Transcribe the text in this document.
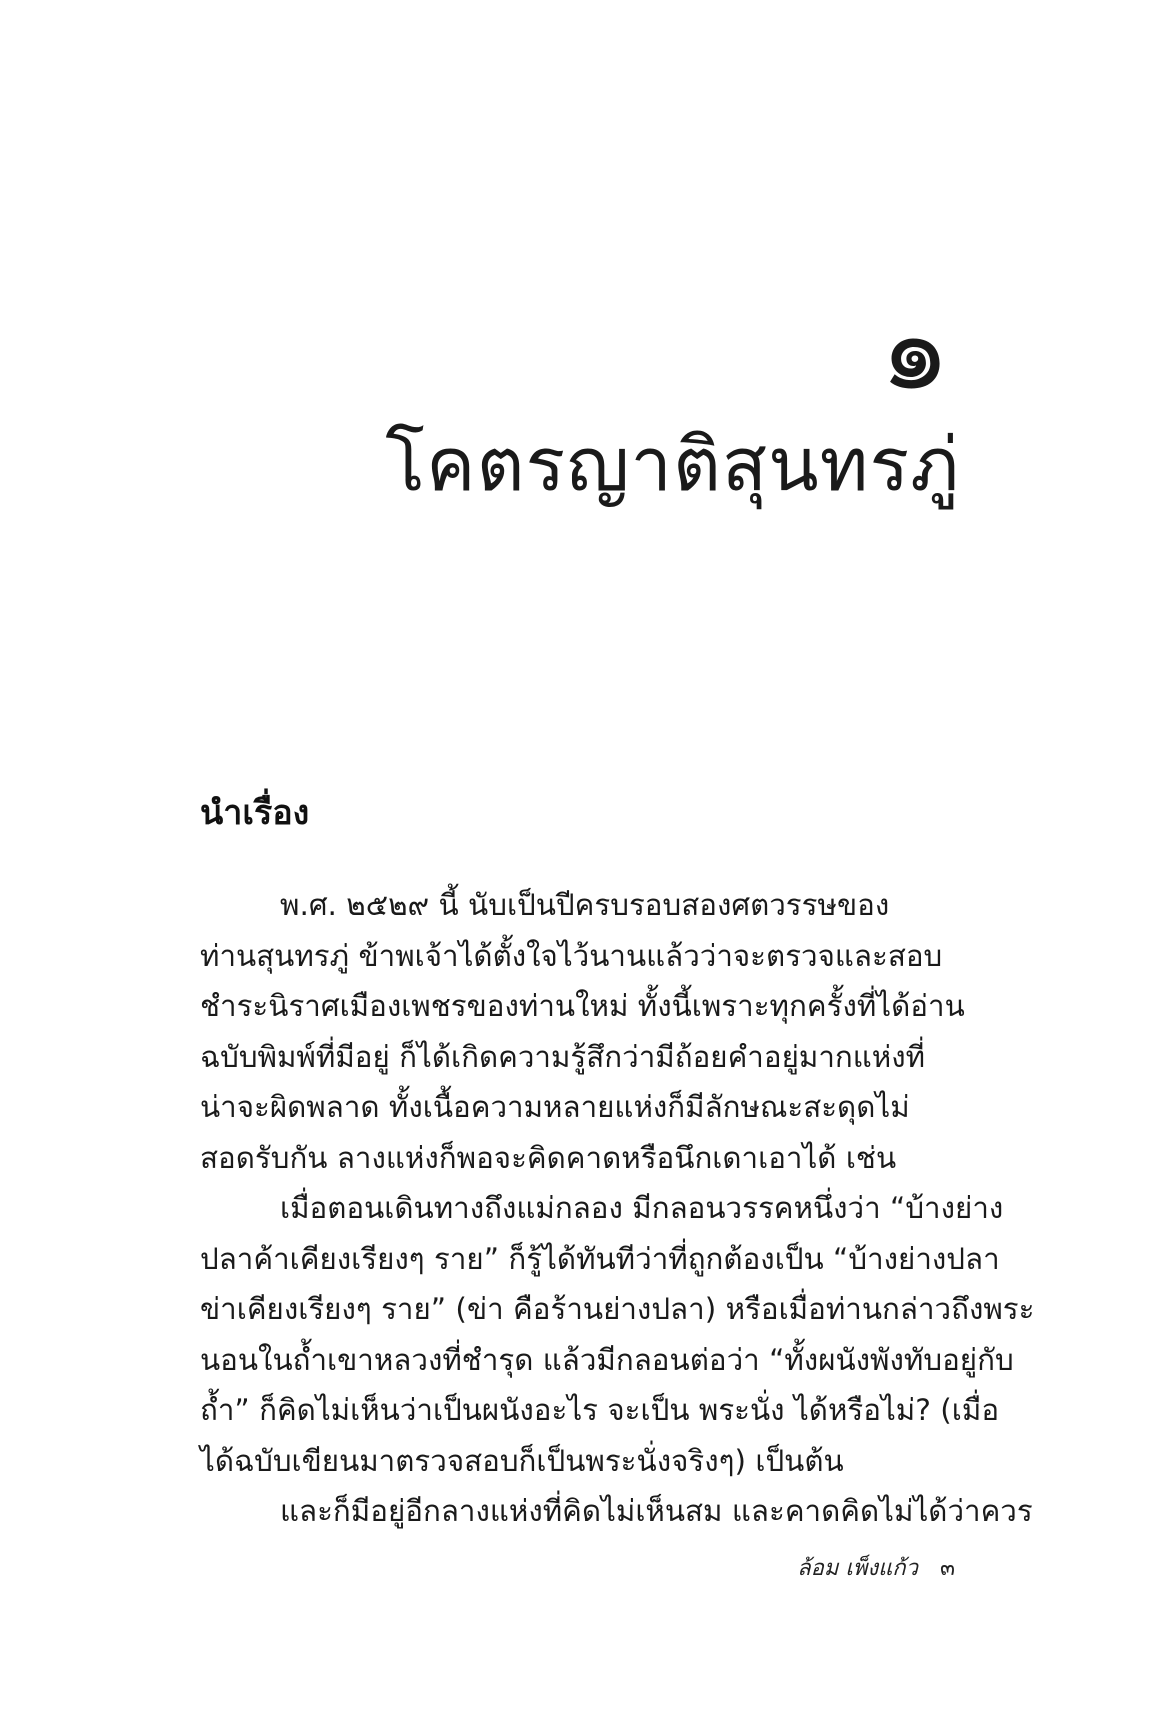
๑
โคตรญาติสุนทรภู่
นำเรื่อง
พ.ศ. ๒๕๒๙ นี้ นับเป็นปีครบรอบสองศตวรรษของ
ท่านสุนทรภู่ ข้าพเจ้าได้ตั้งใจไว้นานแล้วว่าจะตรวจและสอบ
ชำระนิราศเมืองเพชรของท่านใหม่ ทั้งนี้เพราะทุกครั้งที่ได้อ่าน
ฉบับพิมพ์ที่มีอยู่ ก็ได้เกิดความรู้สึกว่ามีถ้อยคำอยู่มากแห่งที่
น่าจะผิดพลาด ทั้งเนื้อความหลายแห่งก็มีลักษณะสะดุดไม่
สอดรับกัน ลางแห่งก็พอจะคิดคาดหรือนึกเดาเอาได้ เช่น
เมื่อตอนเดินทางถึงแม่กลอง มีกลอนวรรคหนึ่งว่า “บ้างย่าง
ปลาค้าเคียงเรียงๆ ราย” ก็รู้ได้ทันทีว่าที่ถูกต้องเป็น “บ้างย่างปลา
ข่าเคียงเรียงๆ ราย” (ข่า คือร้านย่างปลา) หรือเมื่อท่านกล่าวถึงพระ
นอนในถ้ำเขาหลวงที่ชำรุด แล้วมีกลอนต่อว่า “ทั้งผนังพังทับอยู่กับ
ถ้ำ” ก็คิดไม่เห็นว่าเป็นผนังอะไร จะเป็น พระนั่ง ได้หรือไม่? (เมื่อ
ได้ฉบับเขียนมาตรวจสอบก็เป็นพระนั่งจริงๆ) เป็นต้น
และก็มีอยู่อีกลางแห่งที่คิดไม่เห็นสม และคาดคิดไม่ได้ว่าควร
ล้อม เพ็งแก้ว ๓
